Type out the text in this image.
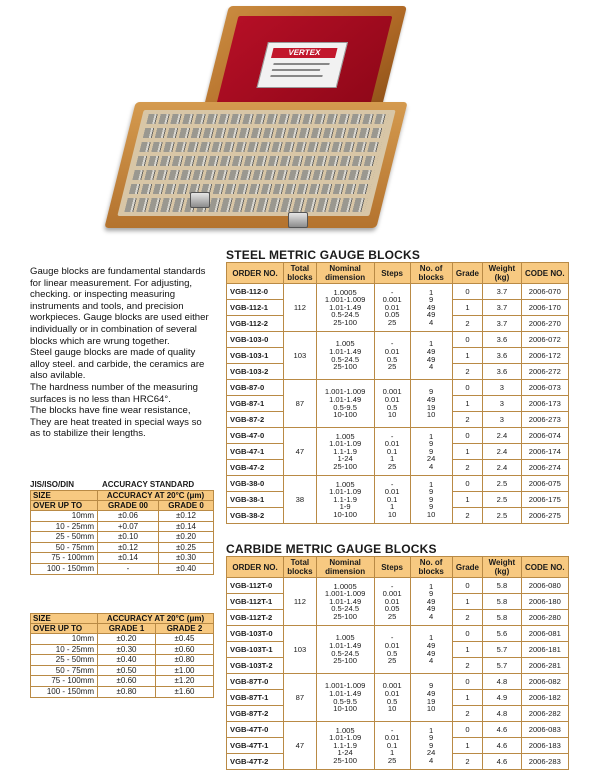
VERTEX

Gauge blocks are fundamental standards for linear measurement. For adjusting, checking. or inspecting measuring instruments and tools, and precision workpieces. Gauge blocks are used either individually or in combination of several blocks which are wrung together.

Steel gauge blocks are made of quality alloy steel. and carbide, the ceramics are also avilable.

The hardness number of the measuring surfaces is no less than HRC64°.

The blocks have fine wear resistance, They are heat treated in special ways so as to stabilize their lengths.

JIS/ISO/DIN	ACCURACY STANDARD
SIZE	ACCURACY AT 20°C (μm)	
OVER UP TO	GRADE 00	GRADE 0
10mm	±0.06	±0.12
10 - 25mm	+0.07	±0.14
25 - 50mm	±0.10	±0.20
50 - 75mm	±0.12	±0.25
75 - 100mm	±0.14	±0.30
100 - 150mm	-	±0.40
SIZE	ACCURACY AT 20°C (μm)	
OVER UP TO	GRADE 1	GRADE 2
10mm	±0.20	±0.45
10 - 25mm	±0.30	±0.60
25 - 50mm	±0.40	±0.80
50 - 75mm	±0.50	±1.00
75 - 100mm	±0.60	±1.20
100 - 150mm	±0.80	±1.60
STEEL METRIC GAUGE BLOCKS
ORDER NO.	Total blocks	Nominal dimension	Steps	No. of blocks	Grade	Weight (kg)	CODE NO.
VGB-112-0	112	1.0005
1.001-1.009
1.01-1.49
0.5-24.5
25-100	-
0.001
0.01
0.05
25	1
9
49
49
4	0	3.7	2006-070
VGB-112-1					1	3.7	2006-170
VGB-112-2					2	3.7	2006-270
VGB-103-0	103	1.005
1.01-1.49
0.5-24.5
25-100	-
0.01
0.5
25	1
49
49
4	0	3.6	2006-072
VGB-103-1					1	3.6	2006-172
VGB-103-2					2	3.6	2006-272
VGB-87-0	87	1.001-1.009
1.01-1.49
0.5-9.5
10-100	0.001
0.01
0.5
10	9
49
19
10	0	3	2006-073
VGB-87-1					1	3	2006-173
VGB-87-2					2	3	2006-273
VGB-47-0	47	1.005
1.01-1.09
1.1-1.9
1-24
25-100	-
0.01
0.1
1
25	1
9
9
24
4	0	2.4	2006-074
VGB-47-1					1	2.4	2006-174
VGB-47-2					2	2.4	2006-274
VGB-38-0	38	1.005
1.01-1.09
1.1-1.9
1-9
10-100	-
0.01
0.1
1
10	1
9
9
9
10	0	2.5	2006-075
VGB-38-1					1	2.5	2006-175
VGB-38-2					2	2.5	2006-275
CARBIDE METRIC GAUGE BLOCKS
ORDER NO.	Total blocks	Nominal dimension	Steps	No. of blocks	Grade	Weight (kg)	CODE NO.
VGB-112T-0	112	1.0005
1.001-1.009
1.01-1.49
0.5-24.5
25-100	-
0.001
0.01
0.05
25	1
9
49
49
4	0	5.8	2006-080
VGB-112T-1					1	5.8	2006-180
VGB-112T-2					2	5.8	2006-280
VGB-103T-0	103	1.005
1.01-1.49
0.5-24.5
25-100	-
0.01
0.5
25	1
49
49
4	0	5.6	2006-081
VGB-103T-1					1	5.7	2006-181
VGB-103T-2					2	5.7	2006-281
VGB-87T-0	87	1.001-1.009
1.01-1.49
0.5-9.5
10-100	0.001
0.01
0.5
10	9
49
19
10	0	4.8	2006-082
VGB-87T-1					1	4.9	2006-182
VGB-87T-2					2	4.8	2006-282
VGB-47T-0	47	1.005
1.01-1.09
1.1-1.9
1-24
25-100	-
0.01
0.1
1
25	1
9
9
24
4	0	4.6	2006-083
VGB-47T-1					1	4.6	2006-183
VGB-47T-2					2	4.6	2006-283
